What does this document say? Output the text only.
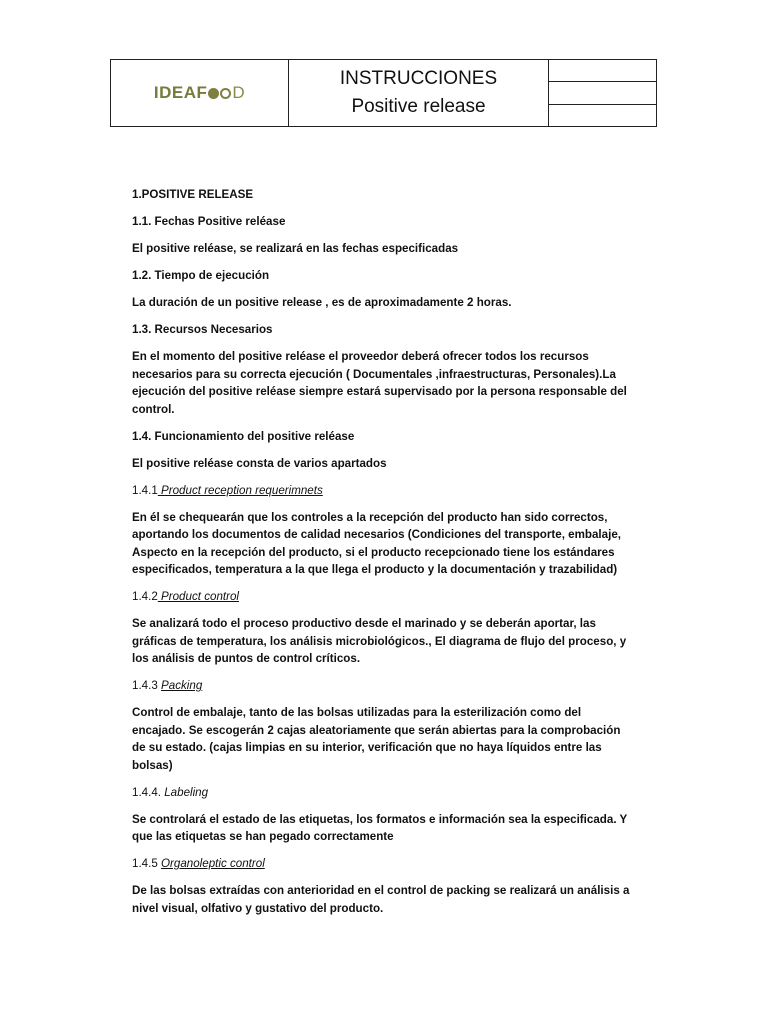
IDEAF D
INSTRUCCIONES
Positive release

1.POSITIVE RELEASE

1.1. Fechas Positive reléase

El positive reléase, se realizará en las fechas especificadas

1.2. Tiempo de ejecución

La duración de un positive release , es de aproximadamente 2 horas.

1.3. Recursos Necesarios

En el momento del positive reléase el proveedor deberá ofrecer todos los recursos

necesarios para su correcta ejecución ( Documentales ,infraestructuras, Personales).La

ejecución del positive reléase siempre estará supervisado por la persona responsable del

control.

1.4. Funcionamiento del positive reléase

El positive reléase consta de varios apartados

1.4.1 Product reception requerimnets

En él se chequearán que los controles a la recepción del producto han sido correctos,

aportando los documentos de calidad necesarios (Condiciones del transporte, embalaje,

Aspecto en la recepción del producto, si el producto recepcionado tiene los estándares

especificados, temperatura a la que llega el producto y la documentación y trazabilidad)

1.4.2 Product control

Se analizará todo el proceso productivo desde el marinado y se deberán aportar, las

gráficas de temperatura, los análisis microbiológicos., El diagrama de flujo del proceso, y

los análisis de puntos de control críticos.

1.4.3 Packing

Control de embalaje, tanto de las bolsas utilizadas para la esterilización como del

encajado. Se escogerán 2 cajas aleatoriamente que serán abiertas para la comprobación

de su estado. (cajas limpias en su interior, verificación que no haya líquidos entre las

bolsas)

1.4.4. Labeling

Se controlará el estado de las etiquetas, los formatos e información sea la especificada. Y

que las etiquetas se han pegado correctamente

1.4.5 Organoleptic control

De las bolsas extraídas con anterioridad en el control de packing se realizará un análisis a

nivel visual, olfativo y gustativo del producto.
